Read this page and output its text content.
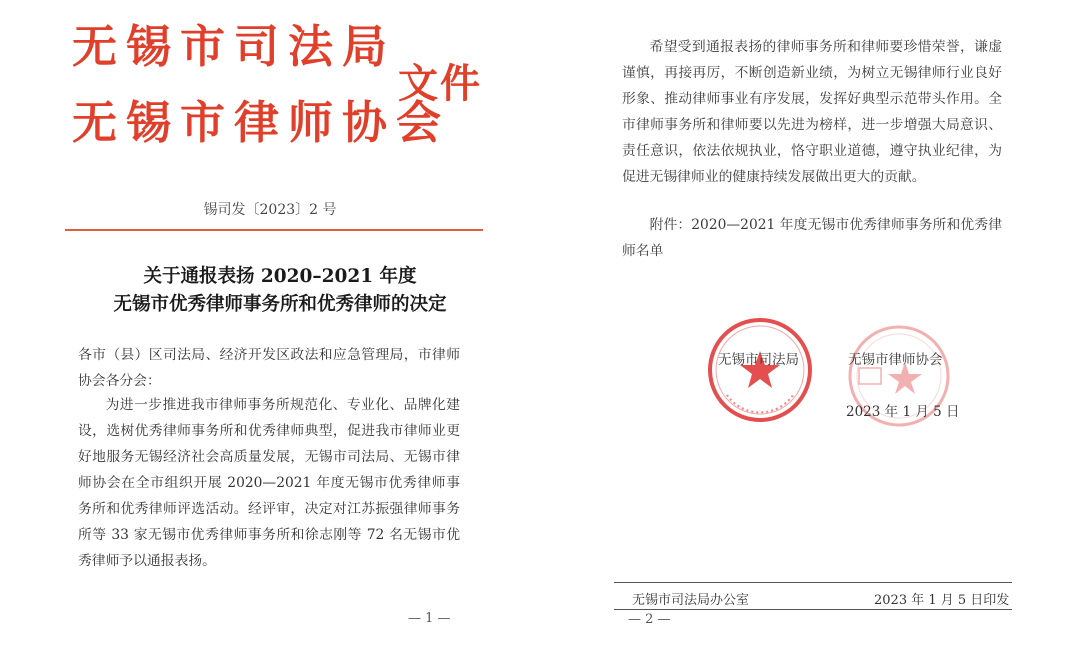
无锡市司法局
无锡市律师协会
文件
锡司发〔2023〕2 号
关于通报表扬 2020–2021 年度
无锡市优秀律师事务所和优秀律师的决定
各市（县）区司法局、经济开发区政法和应急管理局，市律师协会各分会：
为进一步推进我市律师事务所规范化、专业化、品牌化建设，选树优秀律师事务所和优秀律师典型，促进我市律师业更好地服务无锡经济社会高质量发展，无锡市司法局、无锡市律师协会在全市组织开展 2020—2021 年度无锡市优秀律师事务所和优秀律师评选活动。经评审，决定对江苏振强律师事务所等 33 家无锡市优秀律师事务所和徐志刚等 72 名无锡市优秀律师予以通报表扬。
— 1 —
希望受到通报表扬的律师事务所和律师要珍惜荣誉，谦虚谨慎，再接再厉，不断创造新业绩，为树立无锡律师行业良好形象、推动律师事业有序发展，发挥好典型示范带头作用。全市律师事务所和律师要以先进为榜样，进一步增强大局意识、责任意识，依法依规执业，恪守职业道德，遵守执业纪律，为促进无锡律师业的健康持续发展做出更大的贡献。
附件：2020—2021 年度无锡市优秀律师事务所和优秀律师名单
无锡市司法局	无锡市律师协会
2023 年 1 月 5 日
无锡市司法局办公室	2023 年 1 月 5 日印发
— 2 —
